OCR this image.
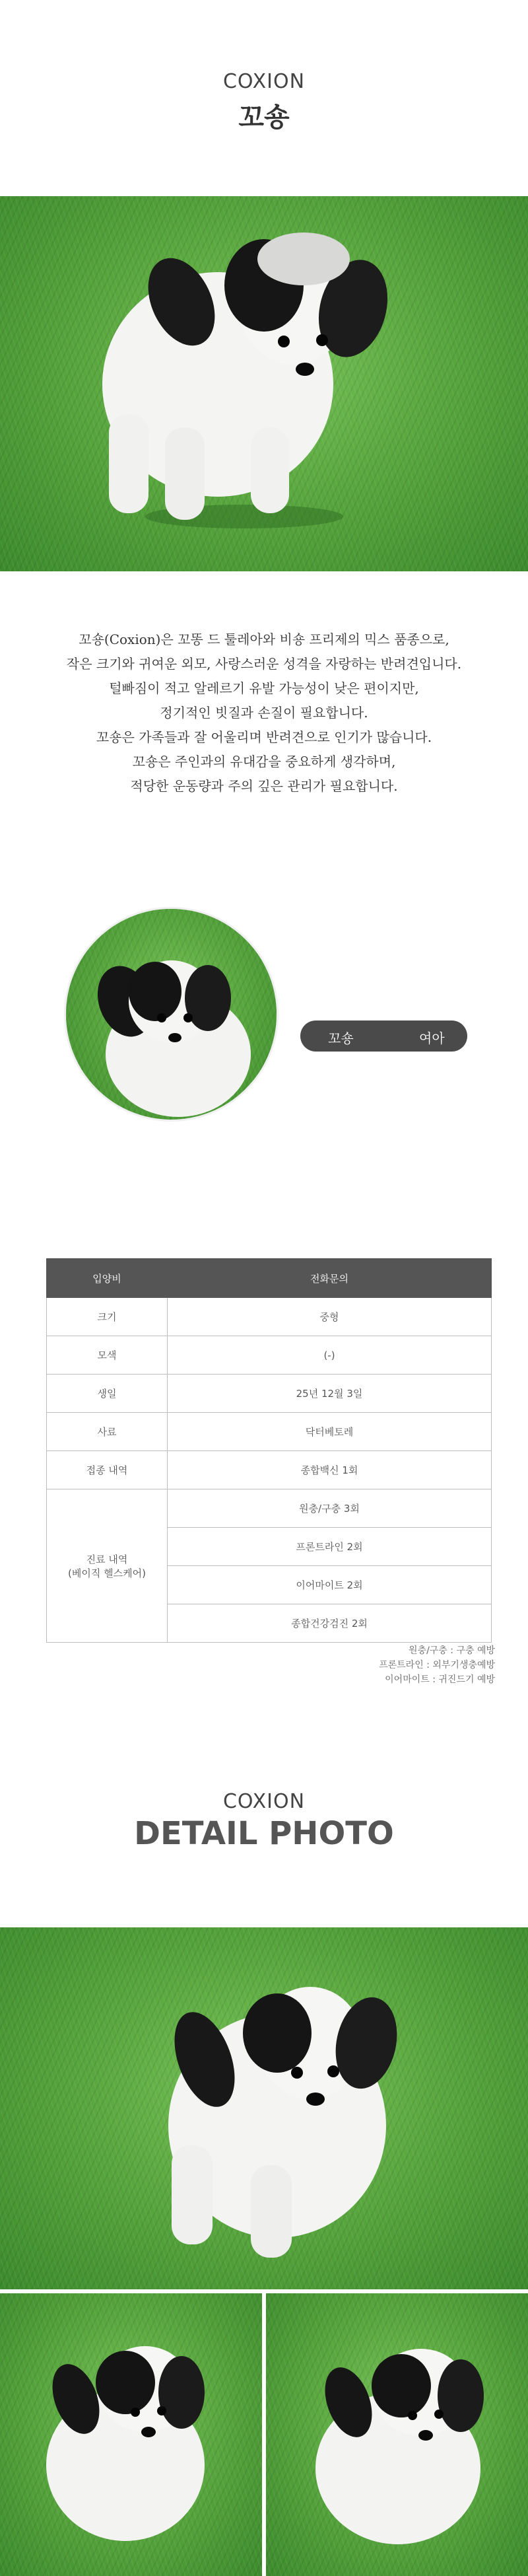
COXION
꼬숑
꼬숑(Coxion)은 꼬똥 드 툴레아와 비숑 프리제의 믹스 품종으로,
작은 크기와 귀여운 외모, 사랑스러운 성격을 자랑하는 반려견입니다.
털빠짐이 적고 알레르기 유발 가능성이 낮은 편이지만,
정기적인 빗질과 손질이 필요합니다.
꼬숑은 가족들과 잘 어울리며 반려견으로 인기가 많습니다.
꼬숑은 주인과의 유대감을 중요하게 생각하며,
적당한 운동량과 주의 깊은 관리가 필요합니다.
꼬숑	여아
입양비	전화문의
크기	중형
모색	(-)
생일	25년 12월 3일
사료	닥터베토레
접종 내역	종합백신 1회

진료 내역
(베이직 헬스케어)	원충/구충 3회
	프론트라인 2회
	이어마이트 2회
	종합건강검진 2회
원충/구충 : 구충 예방
프론트라인 : 외부기생충예방
이어마이트 : 귀진드기 예방
COXION
DETAIL PHOTO
